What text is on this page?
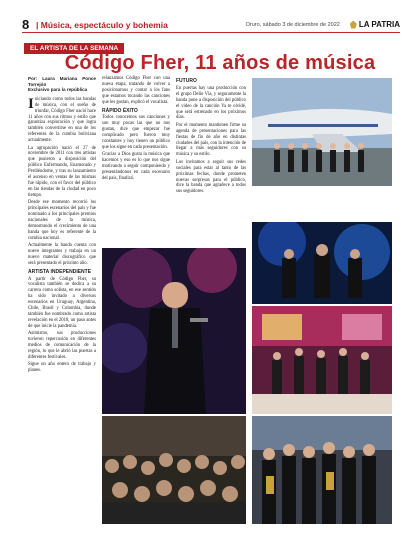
8 | Música, espectáculo y bohemia	Oruro, sábado 3 de diciembre de 2022 LA PATRIA
EL ARTISTA DE LA SEMANA
Código Fher, 11 años de música
Por: Laura Mariana Ponce Torrejón
Exclusivo para la república

Iniciando como todos las bandas de música, con el sueño de triunfar, Código Fher nació hace 11 años con sus ritmos y estilo que garantiza exploración y que logra también convertirse en una de los referentes de la cumbia boliviana actualmente.

La agrupación nació el 27 de noviembre de 2011 con tres artistas que pusieron a disposición del público Enfermando, Enamorado y Perdiéndome, y tras su lanzamiento el ascenso en ventas de las mismas fue rápido, con el favor del público en las tiendas de la ciudad en poco tiempo.

Desde ese momento recorrió los principales escenarios del país y fue nominado a los principales premios nacionales de la música, demostrando el crecimiento de una banda que hoy es referente de la cumbia nacional.

Actualmente la banda cuenta con nueve integrantes y trabaja en un nuevo material discográfico que será presentado el próximo año.

ARTISTA INDEPENDIENTE

A partir de Código Fher, su vocalista también se dedica a su carrera como solista, en ese sentido ha sido invitado a diversos escenarios en Uruguay, Argentina, Chile, Brasil y Colombia, donde también fue nombrado como artista revelación en el 2018, un paso antes de que inicie la pandemia.

Asimismo, sus producciones tuvieron repercusión en diferentes medios de comunicación de la región, lo que le abrió las puertas a diferentes festivales.

Sigue un año entero de trabajo y planes.

relanzamos Código Fher con una nueva etapa, tratando de volver a posicionarnos y contar a los fans que estamos tocando las canciones que les gustan, explicó el vocalista.

RÁPIDO ÉXITO

Todos conocemos sus canciones y son muy pocas las que no nos gustan, dice que empezar fue complicado pero fueron muy constantes y hoy tienen un público que los sigue en cada presentación.

Gracias a Dios gusta la música que hacemos y eso es lo que nos sigue motivando a seguir componiendo y presentándonos en cada escenario del país, finalizó.

FUTURO

En puertas hay una producción con el grupo Delio Vía, y seguramente la banda pone a disposición del público el video de la canción Ya te olvidé, que será estrenado en los próximos días.

Por el momento mantienen firme su agenda de presentaciones para las fiestas de fin de año en distintas ciudades del país, con la intención de llegar a más seguidores con su música y su estilo.

Los invitamos a seguir sus redes sociales para estar al tanto de las próximas fechas, donde prometen nuevas sorpresas para el público, dice la banda que agradece a todos sus seguidores.
